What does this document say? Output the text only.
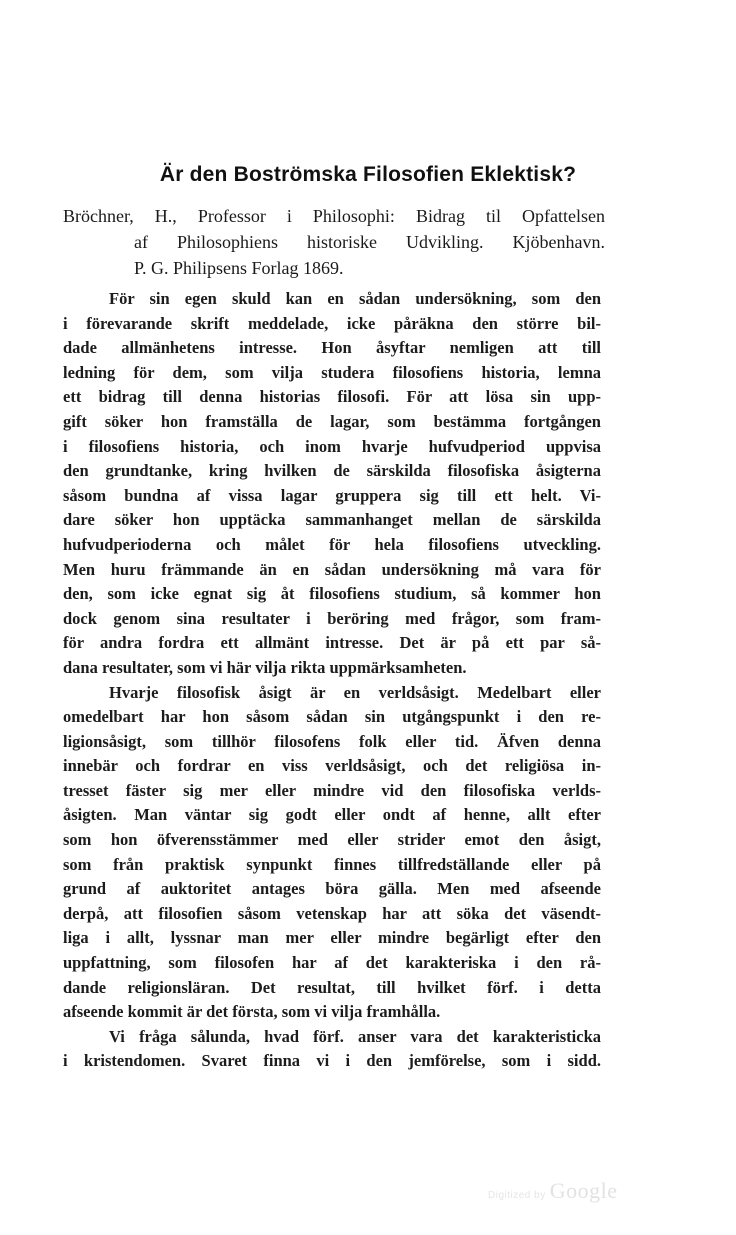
Är den Boströmska Filosofien Eklektisk?
Bröchner, H., Professor i Philosophi: Bidrag til Opfattelsen
af Philosophiens historiske Udvikling. Kjöbenhavn.
P. G. Philipsens Forlag 1869.
För sin egen skuld kan en sådan undersökning, som den
i förevarande skrift meddelade, icke påräkna den större bil-
dade allmänhetens intresse. Hon åsyftar nemligen att till
ledning för dem, som vilja studera filosofiens historia, lemna
ett bidrag till denna historias filosofi. För att lösa sin upp-
gift söker hon framställa de lagar, som bestämma fortgången
i filosofiens historia, och inom hvarje hufvudperiod uppvisa
den grundtanke, kring hvilken de särskilda filosofiska åsigterna
såsom bundna af vissa lagar gruppera sig till ett helt. Vi-
dare söker hon upptäcka sammanhanget mellan de särskilda
hufvudperioderna och målet för hela filosofiens utveckling.
Men huru främmande än en sådan undersökning må vara för
den, som icke egnat sig åt filosofiens studium, så kommer hon
dock genom sina resultater i beröring med frågor, som fram-
för andra fordra ett allmänt intresse. Det är på ett par så-
dana resultater, som vi här vilja rikta uppmärksamheten.
Hvarje filosofisk åsigt är en verldsåsigt. Medelbart eller
omedelbart har hon såsom sådan sin utgångspunkt i den re-
ligionsåsigt, som tillhör filosofens folk eller tid. Äfven denna
innebär och fordrar en viss verldsåsigt, och det religiösa in-
tresset fäster sig mer eller mindre vid den filosofiska verlds-
åsigten. Man väntar sig godt eller ondt af henne, allt efter
som hon öfverensstämmer med eller strider emot den åsigt,
som från praktisk synpunkt finnes tillfredställande eller på
grund af auktoritet antages böra gälla. Men med afseende
derpå, att filosofien såsom vetenskap har att söka det väsendt-
liga i allt, lyssnar man mer eller mindre begärligt efter den
uppfattning, som filosofen har af det karakteriska i den rå-
dande religionsläran. Det resultat, till hvilket förf. i detta
afseende kommit är det första, som vi vilja framhålla.
Vi fråga sålunda, hvad förf. anser vara det karakteristicka
i kristendomen. Svaret finna vi i den jemförelse, som i sidd.
Digitized by Google
